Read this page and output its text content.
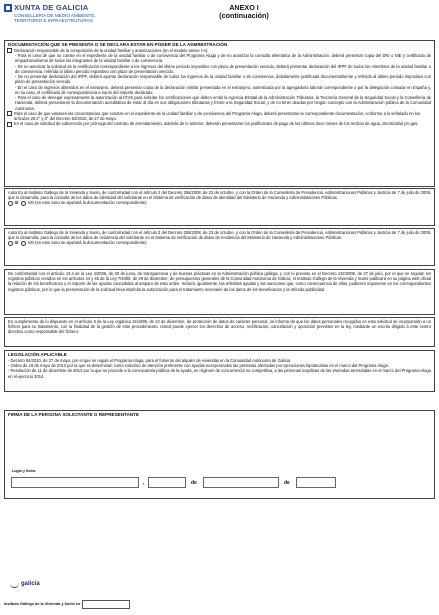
XUNTA DE GALICIA
CONSELLERÍA DE MEDIO AMBIENTE,
TERRITORIO E INFRAESTRUTURAS
ANEXO I
(continuación)
DOCUMENTACIÓN QUE SE PRESENTA O SE DECLARA ESTAR EN PODER DE LA ADMINISTRACIÓN
Declaración responsable de la composición de la unidad familiar y autorizaciones (en el modelo anexo I-A).
- Para el caso de que no conste en el expediente de la unidad familiar o de convivencia del Programa Aluga y de no autorizar la consulta telemática de la Administración, deberá presentar copia del DNI o NIE y certificado de empadronamiento de todos los integrantes de la unidad familiar o de convivencia.
- De no autorizar la solicitud de la certificación correspondiente a los ingresos del último periodo impositivo con plazo de presentación vencido, deberá presentar declaración del IRPF de todos los miembros de la unidad familiar o de convivencia, referida al último periodo impositivo con plazo de presentación vencido.
- De no presentar declaración del IRPF, deberá aportar declaración responsable de todos los ingresos de la unidad familiar o de convivencia, debidamente justificada documentalmente y referida al último periodo impositivo con plazo de presentación vencido.
- En el caso de ingresos obtenidos en el extranjero, deberá presentar copia de la declaración similar presentada en el extranjero, autenticada por la agregaduría laboral correspondiente o por la delegación consular en España y, en su caso, el certificado de correspondencia a euros del importe declarado.
- Para el caso de denegar expresamente la autorización al IGVS para solicitar los certificaciones que deben emitir la Agencia Estatal de la Administración Tributaria, la Tesorería General de la Seguridad Social y la Consellería de Hacienda, deberá presentarse la documentación acreditativa de estar al día en sus obligaciones tributarias y frente a la Seguridad Social, y de no tener deudas por ningún concepto con la Administración pública de la Comunidad Autónoma.
Para el caso de que variasen las circunstancias que constan en el expediente de la unidad familiar o de convivencia del Programa Aluga, deberá presentarse la correspondiente documentación, conforme a lo señalado en los artículos 28.2° y 3° del Decreto 84/2010, de 27 de mayo.
En el caso de solicitud de subvención por prórroga del contrato de arrendamiento, además de lo anterior, deberán presentarse los justificantes de pago de los últimos doce meses de los recibos de agua, electricidad y/o gas.
Autorizo al Instituto Gallego de la Vivienda y Suelo, de conformidad con el artículo 2 del Decreto 255/2008, de 23 de octubre, y con la Orden de la Consellería de Presidencia, Administraciones Públicas y Justicia de 7 de julio de 2009, que lo desarrolla, para la consulta de los datos de identidad del solicitante en el Sistema de verificación de datos de identidad del Ministerio de Hacienda y Administraciones Públicas.
SÍ NO (en este caso se aportará la documentación correspondiente)
Autorizo al Instituto Gallego de la Vivienda y Suelo, de conformidad con el artículo 3 del Decreto 255/2008, de 23 de octubre, y con la Orden de la Consellería de Presidencia, Administraciones Públicas y Justicia de 7 de julio de 2009, que lo desarrolla, para la consulta de los datos de residencia del solicitante en el Sistema de verificación de datos de residencia del Ministerio de Hacienda y Administraciones Públicas.
SÍ NO (en este caso se aportará la documentación correspondiente)
De conformidad con el artículo 13.4 de la Ley 4/2006, de 30 de junio, de transparencia y de buenas prácticas en la Administración pública gallega, y con lo previsto en el Decreto 132/2006, de 27 de julio, por el que se regulan los registros públicos creados en los artículos 44 y 45 de la Ley 7/2005, de 29 de diciembre, de presupuestos generales de la Comunidad Autónoma de Galicia, el Instituto Gallego de la Vivienda y Suelo publicará en su página web oficial la relación de los beneficiarios y el importe de las ayudas concedidas al amparo de esta orden. Incluirá, igualmente, las referidas ayudas y las sanciones que, como consecuencia de ellas, pudiesen imponerse en los correspondientes registros públicos, por lo que la presentación de la solicitud lleva implícita la autorización para el tratamiento necesario de los datos de los beneficiarios y la referida publicidad.
En cumplimiento de lo dispuesto en el artículo 5 de la Ley orgánica 15/1999, de 13 de diciembre, de protección de datos de carácter personal, se informa de que los datos personales recogidos en esta solicitud se incorporarán a un fichero para su tratamiento, con la finalidad de la gestión de este procedimiento. Usted puede ejercer los derechos de acceso, rectificación, cancelación y oposición previstos en la ley, mediante un escrito dirigido a este centro directivo como responsable del fichero.
LEGISLACIÓN APLICABLE
- Decreto 84/2010, de 27 de mayo, por el que se regula el Programa Aluga, para el fomento del alquiler de viviendas en la Comunidad Autónoma de Galicia.
- Orden de 16 de mayo de 2013 por la que se determinan como colectivo de atención preferente con ayudas excepcionales las personas afectadas por ejecuciones hipotecarias en el marco del Programa Aluga.
- Resolución de 11 de diciembre de 2013 por la que se procede a la convocatoria pública de la ayuda, en régimen de concurrencia no competitiva, a las personas inquilinas de las viviendas arrendadas en el marco del Programa Aluga en el ejercicio 2014.
FIRMA DE LA PERSONA SOLICITANTE O REPRESENTANTE
Lugar y fecha
,	de	de
galicia
Instituto Gallego de la Vivienda y Suelo en
